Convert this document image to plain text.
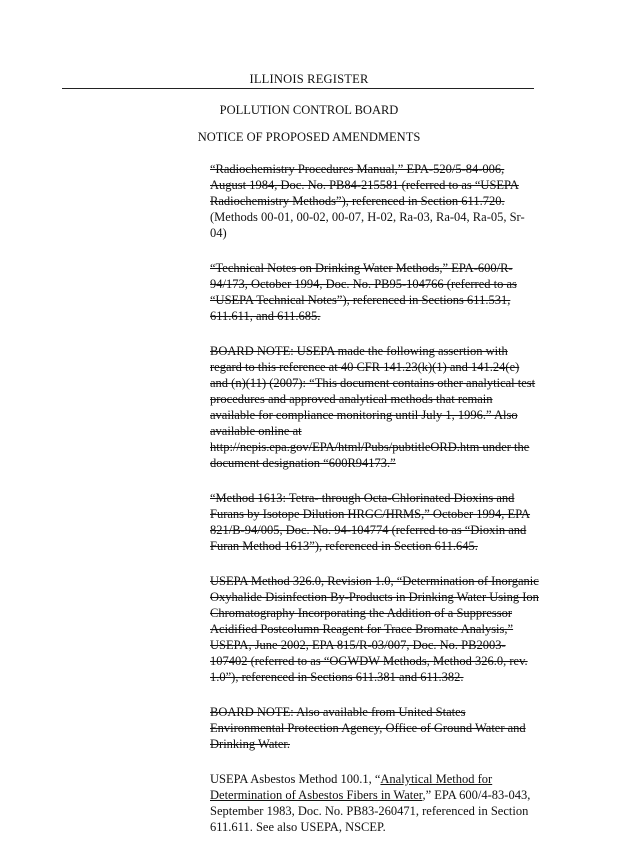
ILLINOIS REGISTER
POLLUTION CONTROL BOARD
NOTICE OF PROPOSED AMENDMENTS

“Radiochemistry Procedures Manual,” EPA-520/5-84-006, August 1984, Doc. No. PB84-215581 (referred to as “USEPA Radiochemistry Methods”), referenced in Section 611.720. (Methods 00-01, 00-02, 00-07, H-02, Ra-03, Ra-04, Ra-05, Sr-04)

“Technical Notes on Drinking Water Methods,” EPA-600/R-94/173, October 1994, Doc. No. PB95-104766 (referred to as “USEPA Technical Notes”), referenced in Sections 611.531, 611.611, and 611.685.

BOARD NOTE: USEPA made the following assertion with regard to this reference at 40 CFR 141.23(k)(1) and 141.24(e) and (n)(11) (2007): “This document contains other analytical test procedures and approved analytical methods that remain available for compliance monitoring until July 1, 1996.” Also available online at http://nepis.epa.gov/EPA/html/Pubs/pubtitleORD.htm under the document designation “600R94173.”

“Method 1613: Tetra- through Octa-Chlorinated Dioxins and Furans by Isotope Dilution HRGC/HRMS,” October 1994, EPA 821/B-94/005, Doc. No. 94-104774 (referred to as “Dioxin and Furan Method 1613”), referenced in Section 611.645.

USEPA Method 326.0, Revision 1.0, “Determination of Inorganic Oxyhalide Disinfection By-Products in Drinking Water Using Ion Chromatography Incorporating the Addition of a Suppressor Acidified Postcolumn Reagent for Trace Bromate Analysis,” USEPA, June 2002, EPA 815/R-03/007, Doc. No. PB2003-107402 (referred to as “OGWDW Methods, Method 326.0, rev. 1.0”), referenced in Sections 611.381 and 611.382.

BOARD NOTE: Also available from United States Environmental Protection Agency, Office of Ground Water and Drinking Water.

USEPA Asbestos Method 100.1, “Analytical Method for Determination of Asbestos Fibers in Water,” EPA 600/4-83-043, September 1983, Doc. No. PB83-260471, referenced in Section 611.611. See also USEPA, NSCEP.
